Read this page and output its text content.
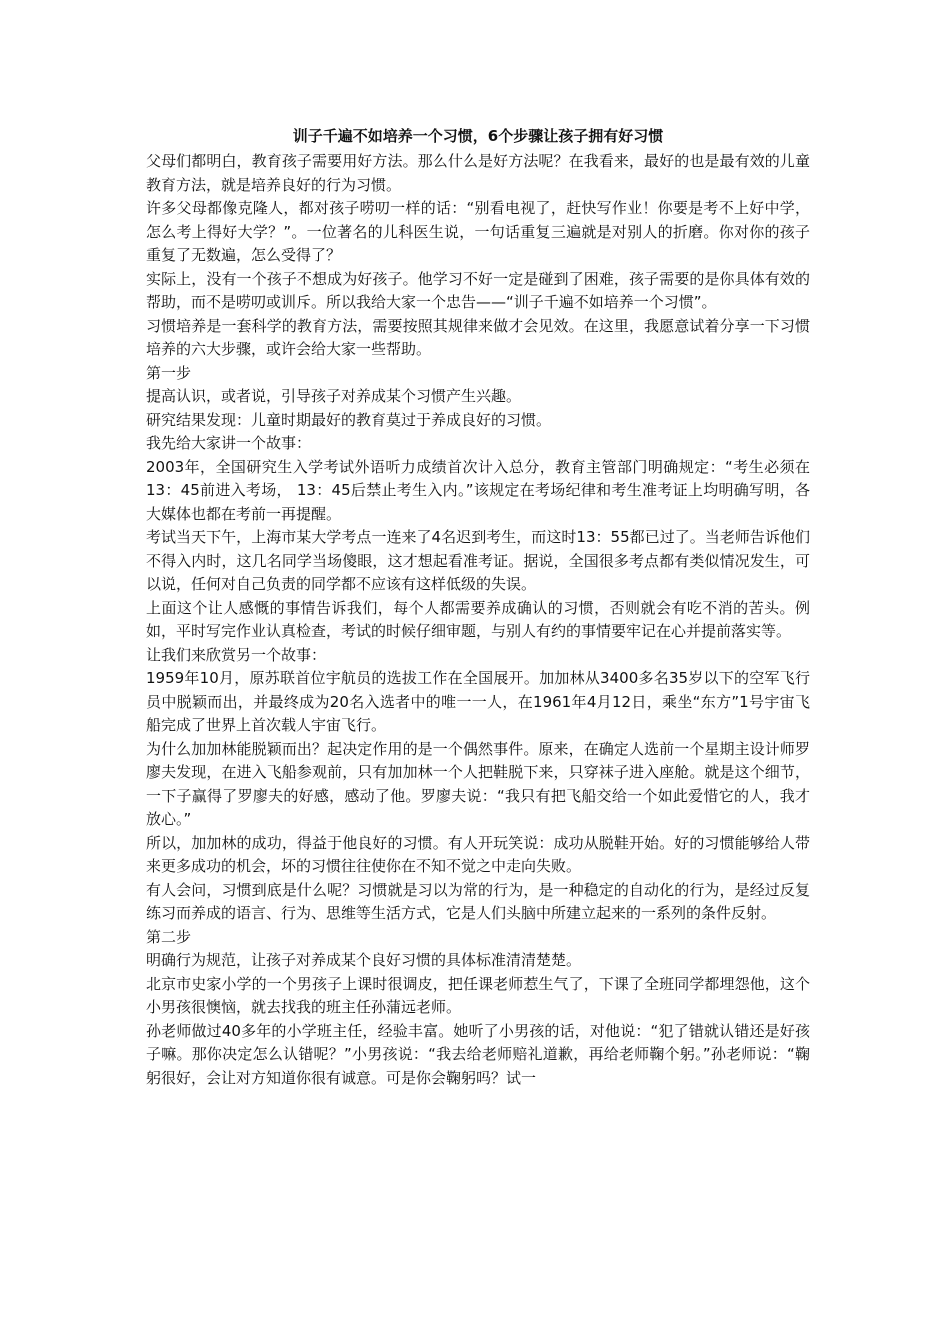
训子千遍不如培养一个习惯，6个步骤让孩子拥有好习惯

父母们都明白，教育孩子需要用好方法。那么什么是好方法呢？在我看来，最好的也是最有效的儿童教育方法，就是培养良好的行为习惯。

许多父母都像克隆人，都对孩子唠叨一样的话：“别看电视了，赶快写作业！你要是考不上好中学，怎么考上得好大学？”。一位著名的儿科医生说，一句话重复三遍就是对别人的折磨。你对你的孩子重复了无数遍，怎么受得了？

实际上，没有一个孩子不想成为好孩子。他学习不好一定是碰到了困难，孩子需要的是你具体有效的帮助，而不是唠叨或训斥。所以我给大家一个忠告——“训子千遍不如培养一个习惯”。

习惯培养是一套科学的教育方法，需要按照其规律来做才会见效。在这里，我愿意试着分享一下习惯培养的六大步骤，或许会给大家一些帮助。

第一步

提高认识，或者说，引导孩子对养成某个习惯产生兴趣。

研究结果发现：儿童时期最好的教育莫过于养成良好的习惯。

我先给大家讲一个故事：

2003年，全国研究生入学考试外语听力成绩首次计入总分，教育主管部门明确规定：“考生必须在13：45前进入考场， 13：45后禁止考生入内。”该规定在考场纪律和考生准考证上均明确写明，各大媒体也都在考前一再提醒。

考试当天下午，上海市某大学考点一连来了4名迟到考生，而这时13：55都已过了。当老师告诉他们不得入内时，这几名同学当场傻眼，这才想起看准考证。据说，全国很多考点都有类似情况发生，可以说，任何对自己负责的同学都不应该有这样低级的失误。

上面这个让人感慨的事情告诉我们，每个人都需要养成确认的习惯，否则就会有吃不消的苦头。例如，平时写完作业认真检查，考试的时候仔细审题，与别人有约的事情要牢记在心并提前落实等。

让我们来欣赏另一个故事：

1959年10月，原苏联首位宇航员的选拔工作在全国展开。加加林从3400多名35岁以下的空军飞行员中脱颖而出，并最终成为20名入选者中的唯一一人，在1961年4月12日，乘坐“东方”1号宇宙飞船完成了世界上首次载人宇宙飞行。

为什么加加林能脱颖而出？起决定作用的是一个偶然事件。原来，在确定人选前一个星期主设计师罗廖夫发现，在进入飞船参观前，只有加加林一个人把鞋脱下来，只穿袜子进入座舱。就是这个细节，一下子赢得了罗廖夫的好感，感动了他。罗廖夫说：“我只有把飞船交给一个如此爱惜它的人，我才放心。”

所以，加加林的成功，得益于他良好的习惯。有人开玩笑说：成功从脱鞋开始。好的习惯能够给人带来更多成功的机会，坏的习惯往往使你在不知不觉之中走向失败。

有人会问，习惯到底是什么呢？习惯就是习以为常的行为，是一种稳定的自动化的行为，是经过反复练习而养成的语言、行为、思维等生活方式，它是人们头脑中所建立起来的一系列的条件反射。

第二步

明确行为规范，让孩子对养成某个良好习惯的具体标准清清楚楚。

北京市史家小学的一个男孩子上课时很调皮，把任课老师惹生气了，下课了全班同学都埋怨他，这个小男孩很懊恼，就去找我的班主任孙蒲远老师。

孙老师做过40多年的小学班主任，经验丰富。她听了小男孩的话，对他说：“犯了错就认错还是好孩子嘛。那你决定怎么认错呢？”小男孩说：“我去给老师赔礼道歉，再给老师鞠个躬。”孙老师说：“鞠躬很好，会让对方知道你很有诚意。可是你会鞠躬吗？试一
